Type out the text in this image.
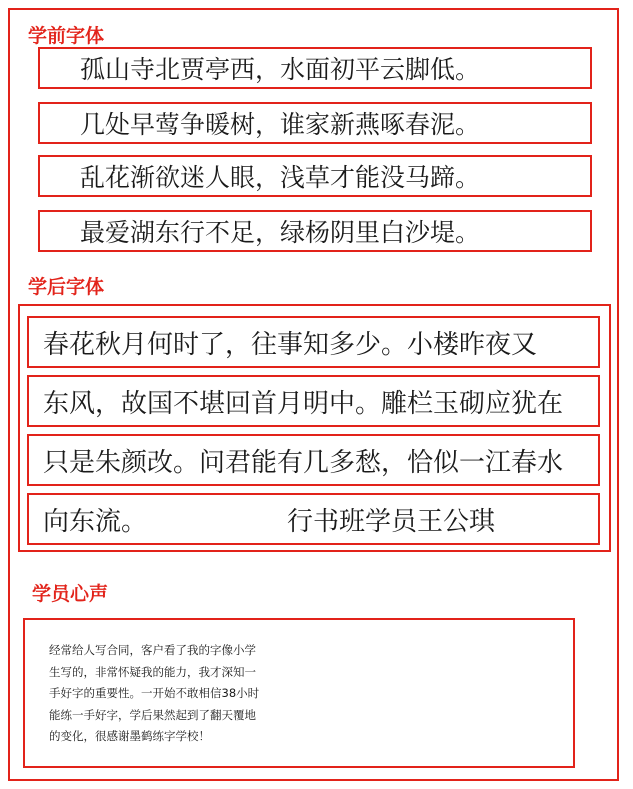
学前字体
孤山寺北贾亭西，水面初平云脚低。
几处早莺争暖树，谁家新燕啄春泥。
乱花渐欲迷人眼，浅草才能没马蹄。
最爱湖东行不足，绿杨阴里白沙堤。
学后字体
春花秋月何时了，往事知多少。小楼昨夜又
东风，故国不堪回首月明中。雕栏玉砌应犹在
只是朱颜改。问君能有几多愁，恰似一江春水
向东流。	行书班学员王公琪
学员心声
经常给人写合同，客户看了我的字像小学
生写的，非常怀疑我的能力，我才深知一
手好字的重要性。一开始不敢相信38小时
能练一手好字，学后果然起到了翻天覆地
的变化，很感谢墨鹤练字学校！
